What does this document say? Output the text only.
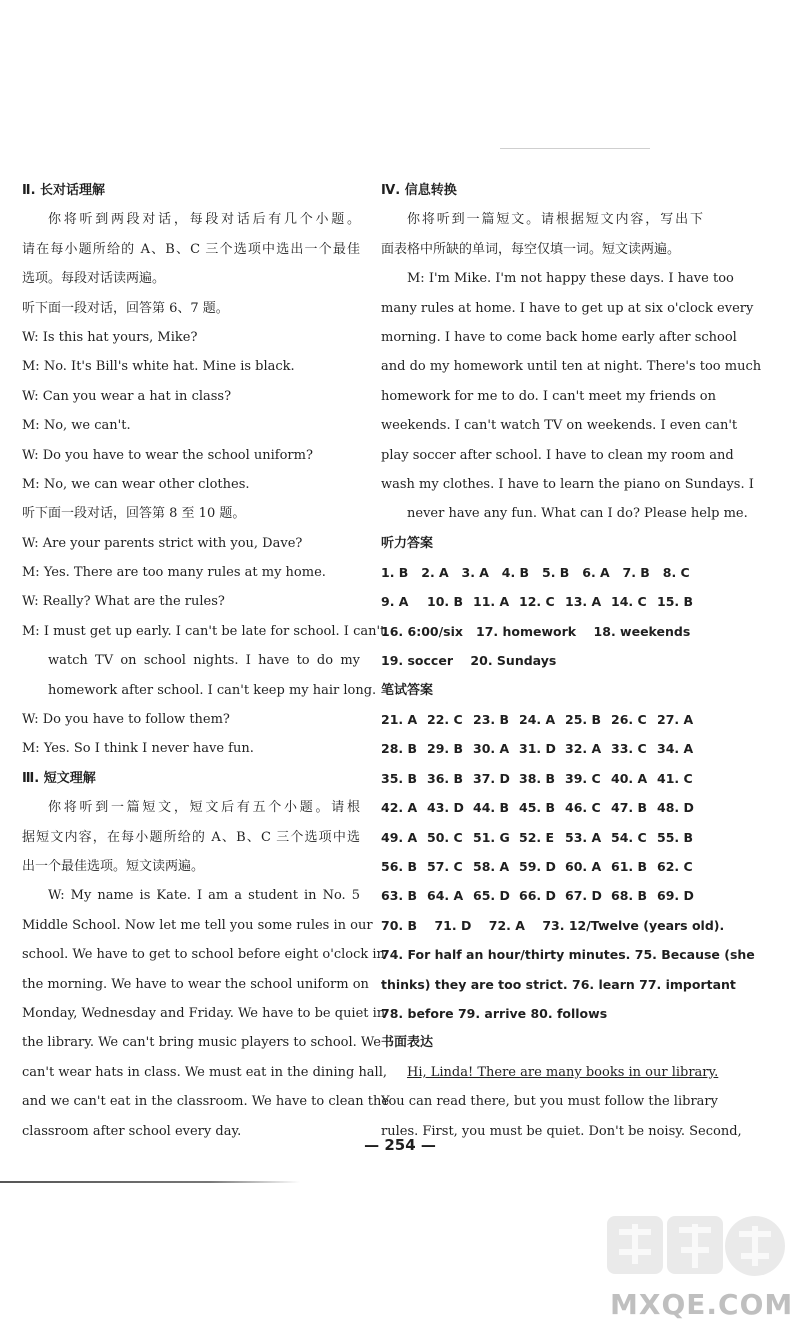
Ⅱ. 长对话理解
你将听到两段对话，每段对话后有几个小题。
请在每小题所给的 A、B、C 三个选项中选出一个最佳
选项。每段对话读两遍。
听下面一段对话，回答第 6、7 题。
W: Is this hat yours, Mike?
M: No. It's Bill's white hat. Mine is black.
W: Can you wear a hat in class?
M: No, we can't.
W: Do you have to wear the school uniform?
M: No, we can wear other clothes.
听下面一段对话，回答第 8 至 10 题。
W: Are your parents strict with you, Dave?
M: Yes. There are too many rules at my home.
W: Really? What are the rules?
M: I must get up early. I can't be late for school. I can't
watch TV on school nights. I have to do my
homework after school. I can't keep my hair long.
W: Do you have to follow them?
M: Yes. So I think I never have fun.
Ⅲ. 短文理解
你将听到一篇短文，短文后有五个小题。请根
据短文内容，在每小题所给的 A、B、C 三个选项中选
出一个最佳选项。短文读两遍。
W: My name is Kate. I am a student in No. 5
Middle School. Now let me tell you some rules in our
school. We have to get to school before eight o'clock in
the morning. We have to wear the school uniform on
Monday, Wednesday and Friday. We have to be quiet in
the library. We can't bring music players to school. We
can't wear hats in class. We must eat in the dining hall,
and we can't eat in the classroom. We have to clean the
classroom after school every day.
Ⅳ. 信息转换
你将听到一篇短文。请根据短文内容，写出下
面表格中所缺的单词，每空仅填一词。短文读两遍。
M: I'm Mike. I'm not happy these days. I have too
many rules at home. I have to get up at six o'clock every
morning. I have to come back home early after school
and do my homework until ten at night. There's too much
homework for me to do. I can't meet my friends on
weekends. I can't watch TV on weekends. I even can't
play soccer after school. I have to clean my room and
wash my clothes. I have to learn the piano on Sundays. I
never have any fun. What can I do? Please help me.
听力答案
1. B	2. A	3. A	4. B	5. B	6. A	7. B	8. C
9. A	10. B 11. A 12. C 13. A 14. C 15. B
16. 6:00/six 17. homework 18. weekends
19. soccer 20. Sundays
笔试答案
21. A 22. C 23. B 24. A 25. B 26. C 27. A
28. B 29. B 30. A 31. D 32. A 33. C 34. A
35. B 36. B 37. D 38. B 39. C 40. A 41. C
42. A 43. D 44. B 45. B 46. C 47. B 48. D
49. A 50. C 51. G 52. E 53. A 54. C 55. B
56. B 57. C 58. A 59. D 60. A 61. B 62. C
63. B 64. A 65. D 66. D 67. D 68. B 69. D
70. B 71. D 72. A 73. 12/Twelve (years old).
74. For half an hour/thirty minutes. 75. Because (she
thinks) they are too strict. 76. learn 77. important
78. before 79. arrive 80. follows
书面表达
Hi, Linda! There are many books in our library.
You can read there, but you must follow the library
rules. First, you must be quiet. Don't be noisy. Second,
— 254 —
MXQE.COM
